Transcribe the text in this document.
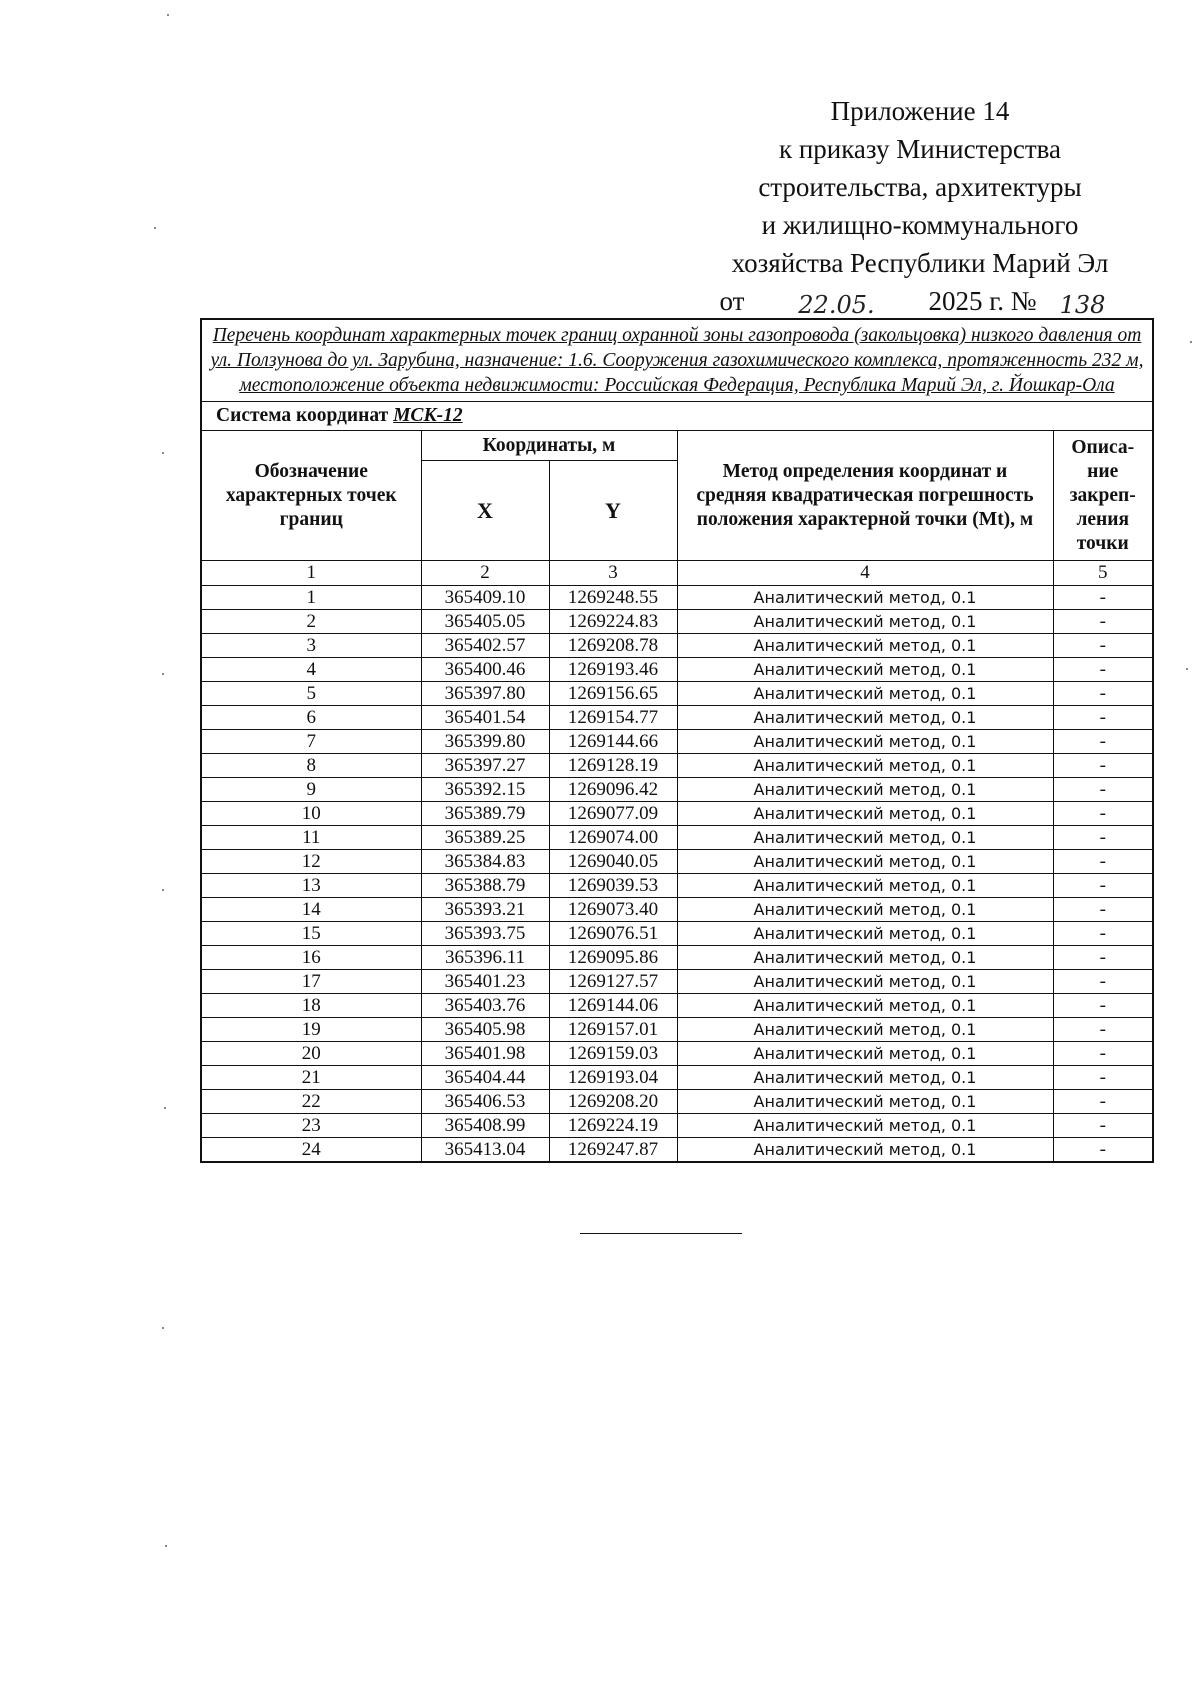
Приложение 14
к приказу Министерства
строительства, архитектуры
и жилищно-коммунального
хозяйства Республики Марий Эл
от	22.05.	2025 г. № 138
Перечень координат характерных точек границ охранной зоны газопровода (закольцовка) низкого давления от ул. Ползунова до ул. Зарубина, назначение: 1.6. Сооружения газохимического комплекса, протяженность 232 м, местоположение объекта недвижимости: Российская Федерация, Республика Марий Эл, г. Йошкар-Ола				
Система координат МСК-12				
Обозначение характерных точек границ	Координаты, м		Метод определения координат и средняя квадратическая погрешность положения характерной точки (Mt), м	Описа-ние закреп-ления точки
	X	Y		
1	2	3	4	5
1	365409.10	1269248.55	Аналитический метод, 0.1	-
2	365405.05	1269224.83	Аналитический метод, 0.1	-
3	365402.57	1269208.78	Аналитический метод, 0.1	-
4	365400.46	1269193.46	Аналитический метод, 0.1	-
5	365397.80	1269156.65	Аналитический метод, 0.1	-
6	365401.54	1269154.77	Аналитический метод, 0.1	-
7	365399.80	1269144.66	Аналитический метод, 0.1	-
8	365397.27	1269128.19	Аналитический метод, 0.1	-
9	365392.15	1269096.42	Аналитический метод, 0.1	-
10	365389.79	1269077.09	Аналитический метод, 0.1	-
11	365389.25	1269074.00	Аналитический метод, 0.1	-
12	365384.83	1269040.05	Аналитический метод, 0.1	-
13	365388.79	1269039.53	Аналитический метод, 0.1	-
14	365393.21	1269073.40	Аналитический метод, 0.1	-
15	365393.75	1269076.51	Аналитический метод, 0.1	-
16	365396.11	1269095.86	Аналитический метод, 0.1	-
17	365401.23	1269127.57	Аналитический метод, 0.1	-
18	365403.76	1269144.06	Аналитический метод, 0.1	-
19	365405.98	1269157.01	Аналитический метод, 0.1	-
20	365401.98	1269159.03	Аналитический метод, 0.1	-
21	365404.44	1269193.04	Аналитический метод, 0.1	-
22	365406.53	1269208.20	Аналитический метод, 0.1	-
23	365408.99	1269224.19	Аналитический метод, 0.1	-
24	365413.04	1269247.87	Аналитический метод, 0.1	-
